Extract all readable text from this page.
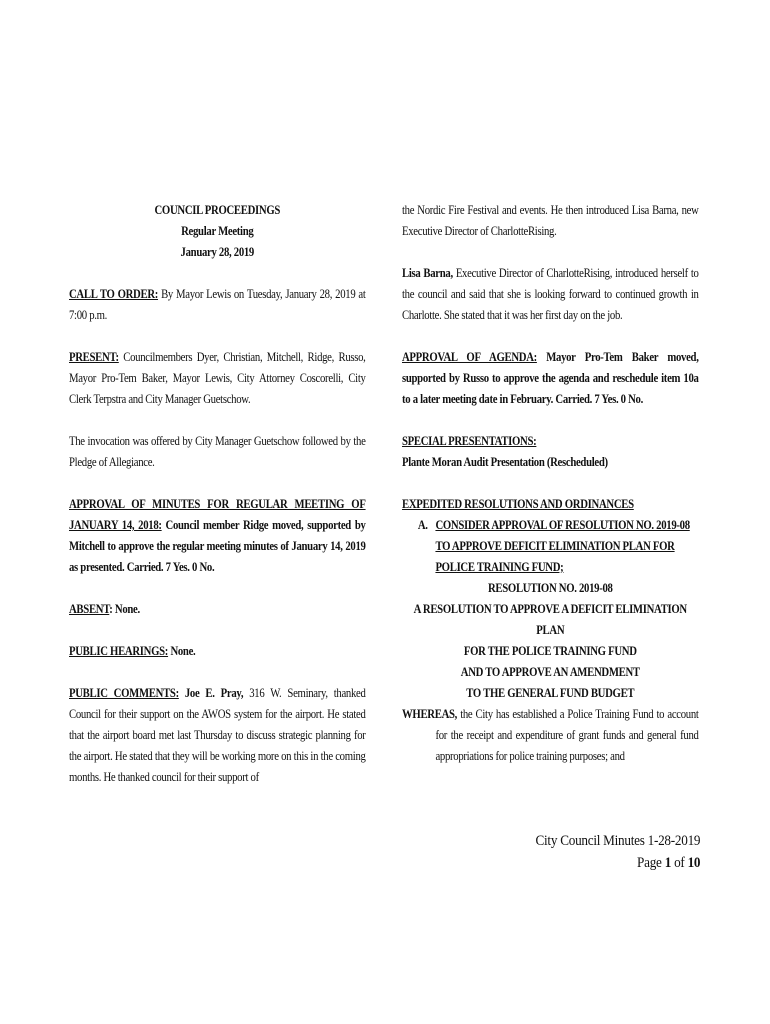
COUNCIL PROCEEDINGS
Regular Meeting
January 28, 2019

CALL TO ORDER: By Mayor Lewis on Tuesday, January 28, 2019 at 7:00 p.m.

PRESENT: Councilmembers Dyer, Christian, Mitchell, Ridge, Russo, Mayor Pro-Tem Baker, Mayor Lewis, City Attorney Coscorelli, City Clerk Terpstra and City Manager Guetschow.

The invocation was offered by City Manager Guetschow followed by the Pledge of Allegiance.

APPROVAL OF MINUTES FOR REGULAR MEETING OF JANUARY 14, 2018: Council member Ridge moved, supported by Mitchell to approve the regular meeting minutes of January 14, 2019 as presented. Carried. 7 Yes. 0 No.

ABSENT: None.

PUBLIC HEARINGS: None.

PUBLIC COMMENTS: Joe E. Pray, 316 W. Seminary, thanked Council for their support on the AWOS system for the airport. He stated that the airport board met last Thursday to discuss strategic planning for the airport. He stated that they will be working more on this in the coming months. He thanked council for their support of

the Nordic Fire Festival and events. He then introduced Lisa Barna, new Executive Director of CharlotteRising.

Lisa Barna, Executive Director of CharlotteRising, introduced herself to the council and said that she is looking forward to continued growth in Charlotte. She stated that it was her first day on the job.

APPROVAL OF AGENDA: Mayor Pro-Tem Baker moved, supported by Russo to approve the agenda and reschedule item 10a to a later meeting date in February. Carried. 7 Yes. 0 No.

SPECIAL PRESENTATIONS:
Plante Moran Audit Presentation (Rescheduled)

EXPEDITED RESOLUTIONS AND ORDINANCES
A. CONSIDER APPROVAL OF RESOLUTION NO. 2019-08 TO APPROVE DEFICIT ELIMINATION PLAN FOR POLICE TRAINING FUND;
RESOLUTION NO. 2019-08
A RESOLUTION TO APPROVE A DEFICIT ELIMINATION PLAN
FOR THE POLICE TRAINING FUND
AND TO APPROVE AN AMENDMENT
TO THE GENERAL FUND BUDGET

WHEREAS, the City has established a Police Training Fund to account for the receipt and expenditure of grant funds and general fund appropriations for police training purposes; and

City Council Minutes 1-28-2019
Page 1 of 10
